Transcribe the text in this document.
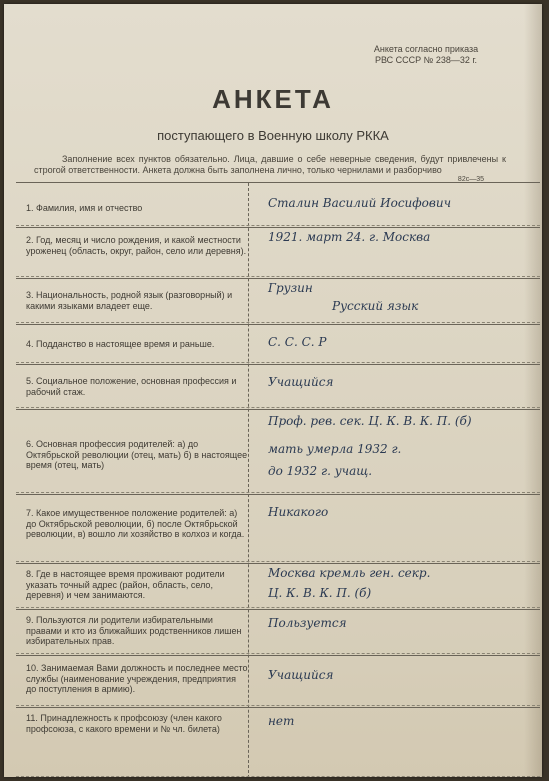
Анкета согласно приказа
РВС СССР № 238—32 г.
АНКЕТА
поступающего в Военную школу РККА
Заполнение всех пунктов обязательно. Лица, давшие о себе неверные сведения, будут привлечены к строгой ответственности. Анкета должна быть заполнена лично, только чернилами и разборчиво
82с—35
1. Фамилия, имя и отчество	Сталин Василий Иосифович
2. Год, месяц и число рождения, и какой местности уроженец (область, округ, район, село или деревня).
1921. март 24. г. Москва
3. Национальность, родной язык (разговорный) и какими языками владеет еще.
Грузин
Русский язык
4. Подданство в настоящее время и раньше.	С. С. С. Р
5. Социальное положение, основная професcия и рабочий стаж.
Учащийся
6. Основная профессия родителей: а) до Октябрьской революции (отец, мать) б) в настоящее время (отец, мать)
Проф. рев. сек. Ц. К. В. К. П. (б)
мать умерла 1932 г.
до 1932 г. учащ.
7. Какое имущественное положение родителей: а) до Октябрьской революции, б) после Октябрьской революции, в) вошло ли хозяйство в колхоз и когда.
Никакого
8. Где в настоящее время проживают родители указать точный адрес (район, область, село, деревня) и чем занимаются.
Москва кремль ген. секр.
Ц. К. В. К. П. (б)
9. Пользуются ли родители избирательными правами и кто из ближайших родственников лишен избирательных прав.
Пользуется
10. Занимаемая Вами должность и последнее место службы (наименование учреждения, предприятия до поступления в армию).
Учащийся
11. Принадлежность к профсоюзу (член какого профсоюза, с какого времени и № чл. билета)
нет
